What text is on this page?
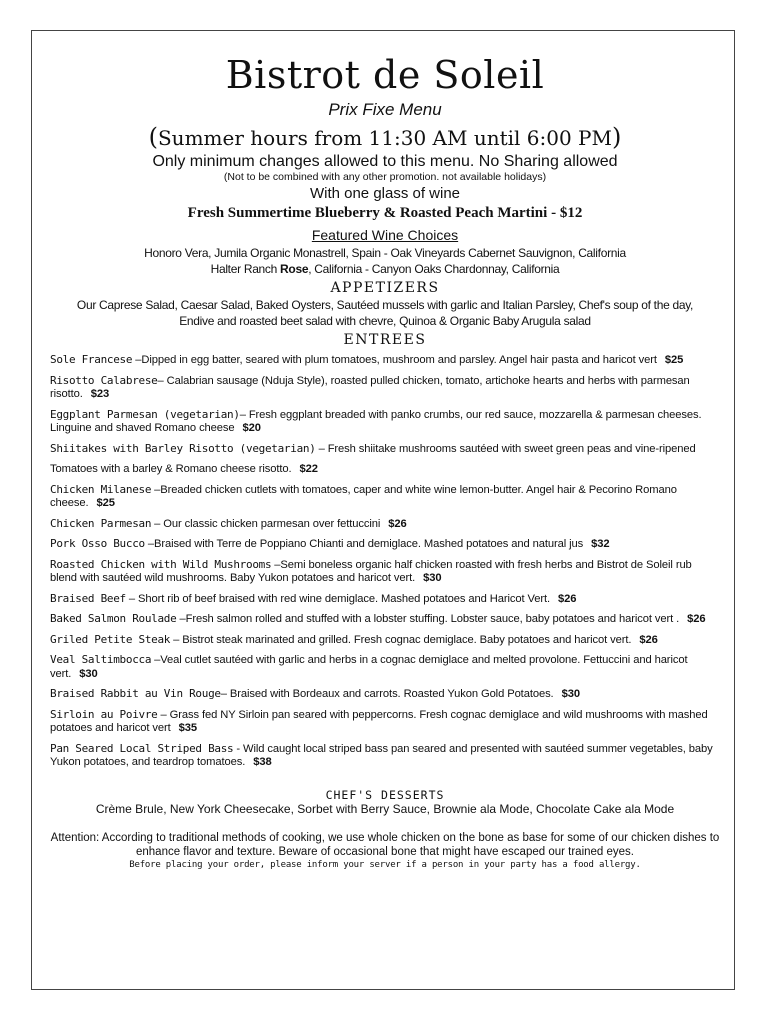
Bistrot de Soleil
Prix Fixe Menu
(Summer hours from 11:30 AM until 6:00 PM)
Only minimum changes allowed to this menu. No Sharing allowed
(Not to be combined with any other promotion. not available holidays)
With one glass of wine
Fresh Summertime Blueberry & Roasted Peach Martini - $12
Featured Wine Choices
Honoro Vera, Jumila Organic Monastrell, Spain - Oak Vineyards Cabernet Sauvignon, California
Halter Ranch Rose, California - Canyon Oaks Chardonnay, California
APPETIZERS
Our Caprese Salad, Caesar Salad, Baked Oysters, Sautéed mussels with garlic and Italian Parsley, Chef's soup of the day,
Endive and roasted beet salad with chevre, Quinoa & Organic Baby Arugula salad
ENTREES

Sole Francese –Dipped in egg batter, seared with plum tomatoes, mushroom and parsley. Angel hair pasta and haricot vert $25

Risotto Calabrese– Calabrian sausage (Nduja Style), roasted pulled chicken, tomato, artichoke hearts and herbs with parmesan risotto. $23

Eggplant Parmesan (vegetarian)– Fresh eggplant breaded with panko crumbs, our red sauce, mozzarella & parmesan cheeses. Linguine and shaved Romano cheese $20

Shiitakes with Barley Risotto (vegetarian) – Fresh shiitake mushrooms sautéed with sweet green peas and vine-ripened

Tomatoes with a barley & Romano cheese risotto. $22

Chicken Milanese –Breaded chicken cutlets with tomatoes, caper and white wine lemon-butter. Angel hair & Pecorino Romano cheese. $25

Chicken Parmesan – Our classic chicken parmesan over fettuccini $26

Pork Osso Bucco –Braised with Terre de Poppiano Chianti and demiglace. Mashed potatoes and natural jus $32

Roasted Chicken with Wild Mushrooms –Semi boneless organic half chicken roasted with fresh herbs and Bistrot de Soleil rub blend with sautéed wild mushrooms. Baby Yukon potatoes and haricot vert. $30

Braised Beef – Short rib of beef braised with red wine demiglace. Mashed potatoes and Haricot Vert. $26

Baked Salmon Roulade –Fresh salmon rolled and stuffed with a lobster stuffing. Lobster sauce, baby potatoes and haricot vert . $26

Griled Petite Steak – Bistrot steak marinated and grilled. Fresh cognac demiglace. Baby potatoes and haricot vert. $26

Veal Saltimbocca –Veal cutlet sautéed with garlic and herbs in a cognac demiglace and melted provolone. Fettuccini and haricot vert. $30

Braised Rabbit au Vin Rouge– Braised with Bordeaux and carrots. Roasted Yukon Gold Potatoes. $30

Sirloin au Poivre – Grass fed NY Sirloin pan seared with peppercorns. Fresh cognac demiglace and wild mushrooms with mashed potatoes and haricot vert $35

Pan Seared Local Striped Bass - Wild caught local striped bass pan seared and presented with sautéed summer vegetables, baby Yukon potatoes, and teardrop tomatoes. $38

CHEF'S DESSERTS
Crème Brule, New York Cheesecake, Sorbet with Berry Sauce, Brownie ala Mode, Chocolate Cake ala Mode
Attention: According to traditional methods of cooking, we use whole chicken on the bone as base for some of our chicken dishes to enhance flavor and texture. Beware of occasional bone that might have escaped our trained eyes.
Before placing your order, please inform your server if a person in your party has a food allergy.
